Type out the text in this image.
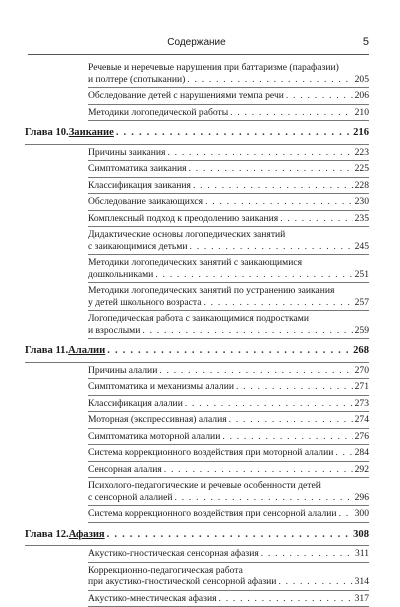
Содержание	5
Речевые и неречевые нарушения при баттаризме (парафазии)
и полтере (спотыкании) . . .	205
Обследование детей с нарушениями темпа речи . . .	206
Методики логопедической работы . . .	210
Глава 10. Заикание . . .	216
Причины заикания . . .	223
Симптоматика заикания . . .	225
Классификация заикания . . .	228
Обследование заикающихся . . .	230
Комплексный подход к преодолению заикания . . .	235
Дидактические основы логопедических занятий
с заикающимися детьми . . .	245
Методики логопедических занятий с заикающимися
дошкольниками . . .	251
Методики логопедических занятий по устранению заикания
у детей школьного возраста . . .	257
Логопедическая работа с заикающимися подростками
и взрослыми . . .	259
Глава 11. Алалии . . .	268
Причины алалии . . .	270
Симптоматика и механизмы алалии . . .	271
Классификация алалии . . .	273
Моторная (экспрессивная) алалия . . .	274
Симптоматика моторной алалии . . .	276
Система коррекционного воздействия при моторной алалии . . . 284
Сенсорная алалия . . .	292
Психолого-педагогические и речевые особенности детей
с сенсорной алалией . . .	296
Система коррекционного воздействия при сенсорной алалии . . . 300
Глава 12. Афазия . . .	308
Акустико-гностическая сенсорная афазия . . .	311
Коррекционно-педагогическая работа
при акустико-гностической сенсорной афазии . . .	314
Акустико-мнестическая афазия . . .	317
